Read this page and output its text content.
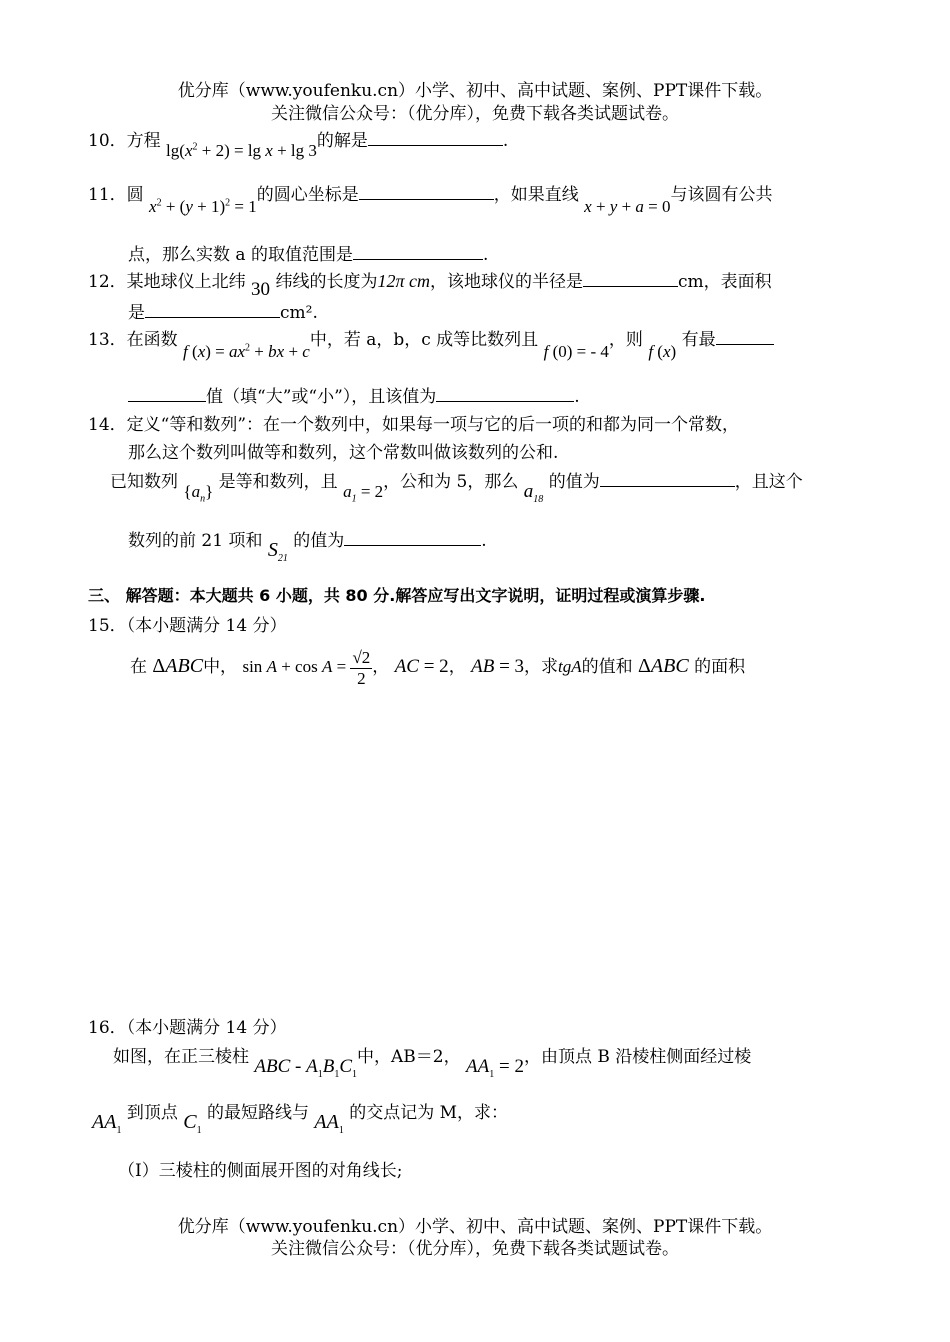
优分库（www.youfenku.cn）小学、初中、高中试题、案例、PPT课件下载。
关注微信公众号：（优分库），免费下载各类试题试卷。
10．方程 $\lg(x^2 + 2) = \lg x + \lg 3$的解是	.
11．圆 $x^2 + (y + 1)^2 = 1$的圆心坐标是	，如果直线 x + y + a = 0与该圆有公共
点，那么实数 a 的取值范围是	.
12．某地球仪上北纬 30 纬线的长度为12π cm，该地球仪的半径是	cm，表面积
是	cm².
13．在函数 f $(x) = ax^2$ + bx + c中，若 a，b，c 成等比数列且 f (0) = - 4，则 f (x) 有最
值（填“大”或“小”），且该值为	.
14．定义“等和数列”：在一个数列中，如果每一项与它的后一项的和都为同一个常数，
那么这个数列叫做等和数列，这个常数叫做该数列的公和.
已知数列 $\{a_n\}$ 是等和数列，且 $a_1 = 2$，公和为 5，那么 $a_{18}$ 的值为	，且这个
数列的前 21 项和 $S_{21}$ 的值为	.
三、 解答题：本大题共 6 小题，共 80 分.解答应写出文字说明，证明过程或演算步骤.
15．（本小题满分 14 分）
在 ΔABC中， $\sin A + \cos A = \frac{√2}{2}$ ， AC = 2， AB = 3，求tgA的值和 ΔABC 的面积
16．（本小题满分 14 分）
如图，在正三棱柱 ABC - $A_1B_1C_1$中，AB＝2， $AA_1 = 2$，由顶点 B 沿棱柱侧面经过棱
$AA_1$ 到顶点 $C_1$ 的最短路线与 $AA_1$ 的交点记为 M，求：
（I）三棱柱的侧面展开图的对角线长;
优分库（www.youfenku.cn）小学、初中、高中试题、案例、PPT课件下载。
关注微信公众号：（优分库），免费下载各类试题试卷。
